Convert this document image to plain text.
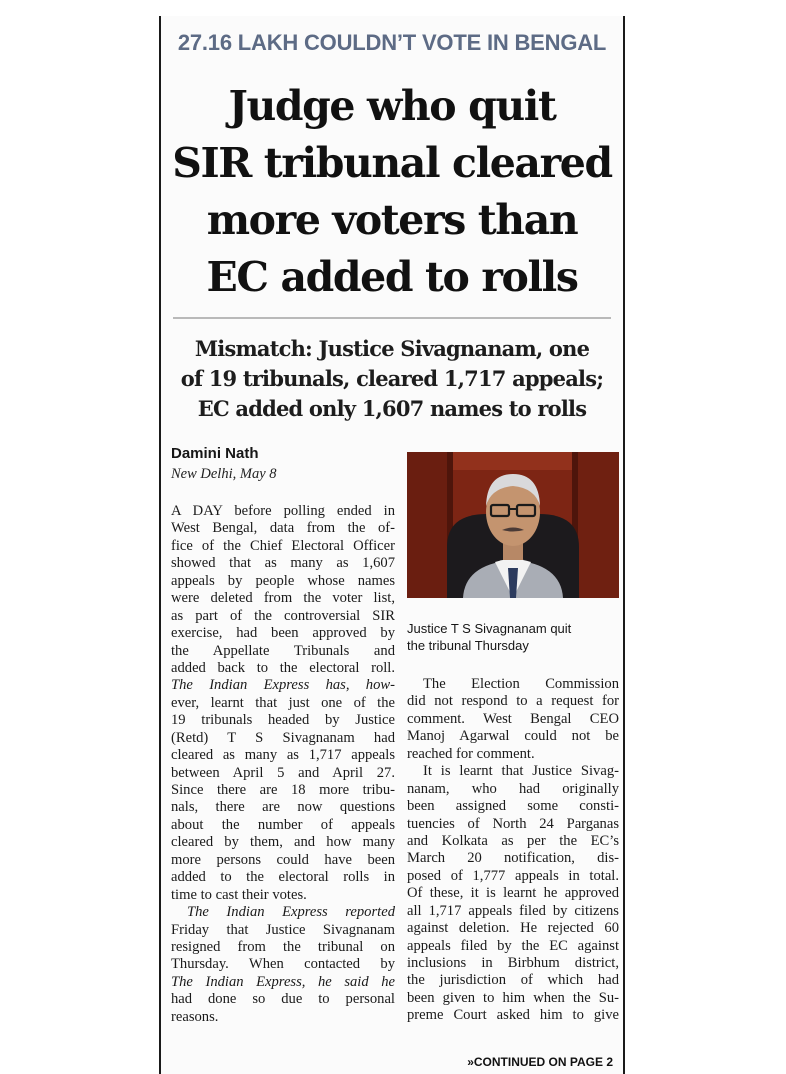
27.16 LAKH COULDN’T VOTE IN BENGAL
Judge who quit
SIR tribunal cleared
more voters than
EC added to rolls
Mismatch: Justice Sivagnanam, one
of 19 tribunals, cleared 1,717 appeals;
EC added only 1,607 names to rolls
Damini Nath
New Delhi, May 8
A DAY before polling ended in
West Bengal, data from the of-
fice of the Chief Electoral Officer
showed that as many as 1,607
appeals by people whose names
were deleted from the voter list,
as part of the controversial SIR
exercise, had been approved by
the Appellate Tribunals and
added back to the electoral roll.
The Indian Express has, how-
ever, learnt that just one of the
19 tribunals headed by Justice
(Retd) T S Sivagnanam had
cleared as many as 1,717 appeals
between April 5 and April 27.
Since there are 18 more tribu-
nals, there are now questions
about the number of appeals
cleared by them, and how many
more persons could have been
added to the electoral rolls in
time to cast their votes.
The Indian Express reported
Friday that Justice Sivagnanam
resigned from the tribunal on
Thursday. When contacted by
The Indian Express, he said he
had done so due to personal
reasons.
Justice T S Sivagnanam quit
the tribunal Thursday
The Election Commission
did not respond to a request for
comment. West Bengal CEO
Manoj Agarwal could not be
reached for comment.
It is learnt that Justice Sivag-
nanam, who had originally
been assigned some consti-
tuencies of North 24 Parganas
and Kolkata as per the EC’s
March 20 notification, dis-
posed of 1,777 appeals in total.
Of these, it is learnt he approved
all 1,717 appeals filed by citizens
against deletion. He rejected 60
appeals filed by the EC against
inclusions in Birbhum district,
the jurisdiction of which had
been given to him when the Su-
preme Court asked him to give
»CONTINUED ON PAGE 2
